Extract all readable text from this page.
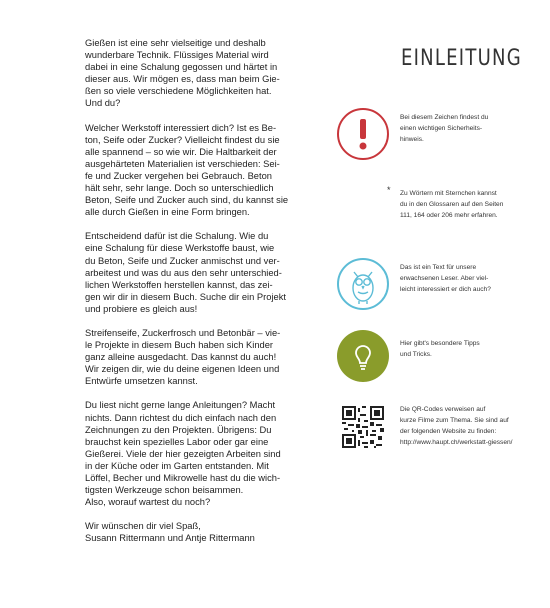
Gießen ist eine sehr vielseitige und deshalb
wunderbare Technik. Flüssiges Material wird
dabei in eine Schalung gegossen und härtet in
dieser aus. Wir mögen es, dass man beim Gie-
ßen so viele verschiedene Möglichkeiten hat.
Und du?

Welcher Werkstoff interessiert dich? Ist es Be-
ton, Seife oder Zucker? Vielleicht findest du sie
alle spannend – so wie wir. Die Haltbarkeit der
ausgehärteten Materialien ist verschieden: Sei-
fe und Zucker vergehen bei Gebrauch. Beton
hält sehr, sehr lange. Doch so unterschiedlich
Beton, Seife und Zucker auch sind, du kannst sie
alle durch Gießen in eine Form bringen.

Entscheidend dafür ist die Schalung. Wie du
eine Schalung für diese Werkstoffe baust, wie
du Beton, Seife und Zucker anmischst und ver-
arbeitest und was du aus den sehr unterschied-
lichen Werkstoffen herstellen kannst, das zei-
gen wir dir in diesem Buch. Suche dir ein Projekt
und probiere es gleich aus!

Streifenseife, Zuckerfrosch und Betonbär – vie-
le Projekte in diesem Buch haben sich Kinder
ganz alleine ausgedacht. Das kannst du auch!
Wir zeigen dir, wie du deine eigenen Ideen und
Entwürfe umsetzen kannst.

Du liest nicht gerne lange Anleitungen? Macht
nichts. Dann richtest du dich einfach nach den
Zeichnungen zu den Projekten. Übrigens: Du
brauchst kein spezielles Labor oder gar eine
Gießerei. Viele der hier gezeigten Arbeiten sind
in der Küche oder im Garten entstanden. Mit
Löffel, Becher und Mikrowelle hast du die wich-
tigsten Werkzeuge schon beisammen.
Also, worauf wartest du noch?

Wir wünschen dir viel Spaß,
Susann Rittermann und Antje Rittermann

EINLEITUNG
Bei diesem Zeichen findest du
einen wichtigen Sicherheits-
hinweis.
* Zu Wörtern mit Sternchen kannst
du in den Glossaren auf den Seiten
111, 164 oder 206 mehr erfahren.
Das ist ein Text für unsere
erwachsenen Leser. Aber viel-
leicht interessiert er dich auch?
Hier gibt's besondere Tipps
und Tricks.
Die QR-Codes verweisen auf
kurze Filme zum Thema. Sie sind auf
der folgenden Website zu finden:
http://www.haupt.ch/werkstatt-giessen/
